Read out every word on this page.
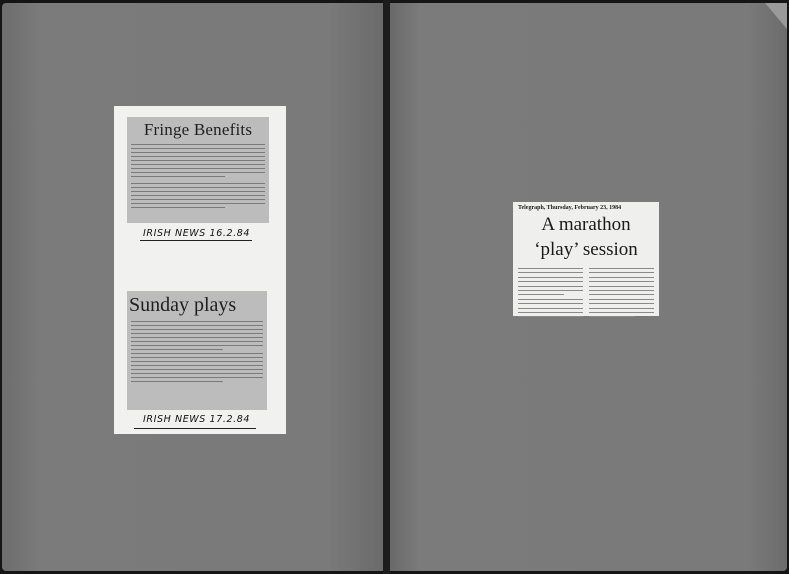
Fringe Benefits
IRISH NEWS 16.2.84
Sunday plays
IRISH NEWS 17.2.84
Telegraph, Thursday, February 23, 1984
A marathon
‘play’ session
